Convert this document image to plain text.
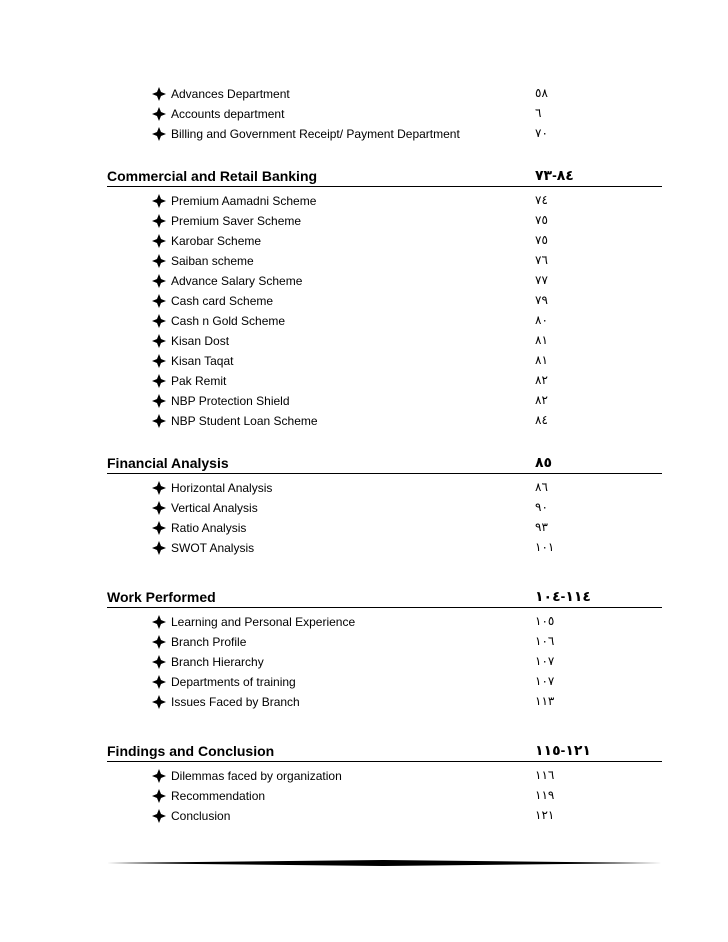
Advances Department	٥٨
Accounts department	٦
Billing and Government Receipt/ Payment Department	٧٠
Commercial and Retail Banking	٨٤-٧٣
Premium Aamadni Scheme	٧٤
Premium Saver Scheme	٧٥
Karobar Scheme	٧٥
Saiban scheme	٧٦
Advance Salary Scheme	٧٧
Cash card Scheme	٧٩
Cash n Gold Scheme	٨٠
Kisan Dost	٨١
Kisan Taqat	٨١
Pak Remit	٨٢
NBP Protection Shield	٨٢
NBP Student Loan Scheme	٨٤
Financial Analysis	٨٥
Horizontal Analysis	٨٦
Vertical Analysis	٩٠
Ratio Analysis	٩٣
SWOT Analysis	١٠١
Work Performed	١١٤-١٠٤
Learning and Personal Experience	١٠٥
Branch Profile	١٠٦
Branch Hierarchy	١٠٧
Departments of training	١٠٧
Issues Faced by Branch	١١٣
Findings and Conclusion	١٢١-١١٥
Dilemmas faced by organization	١١٦
Recommendation	١١٩
Conclusion	١٢١
